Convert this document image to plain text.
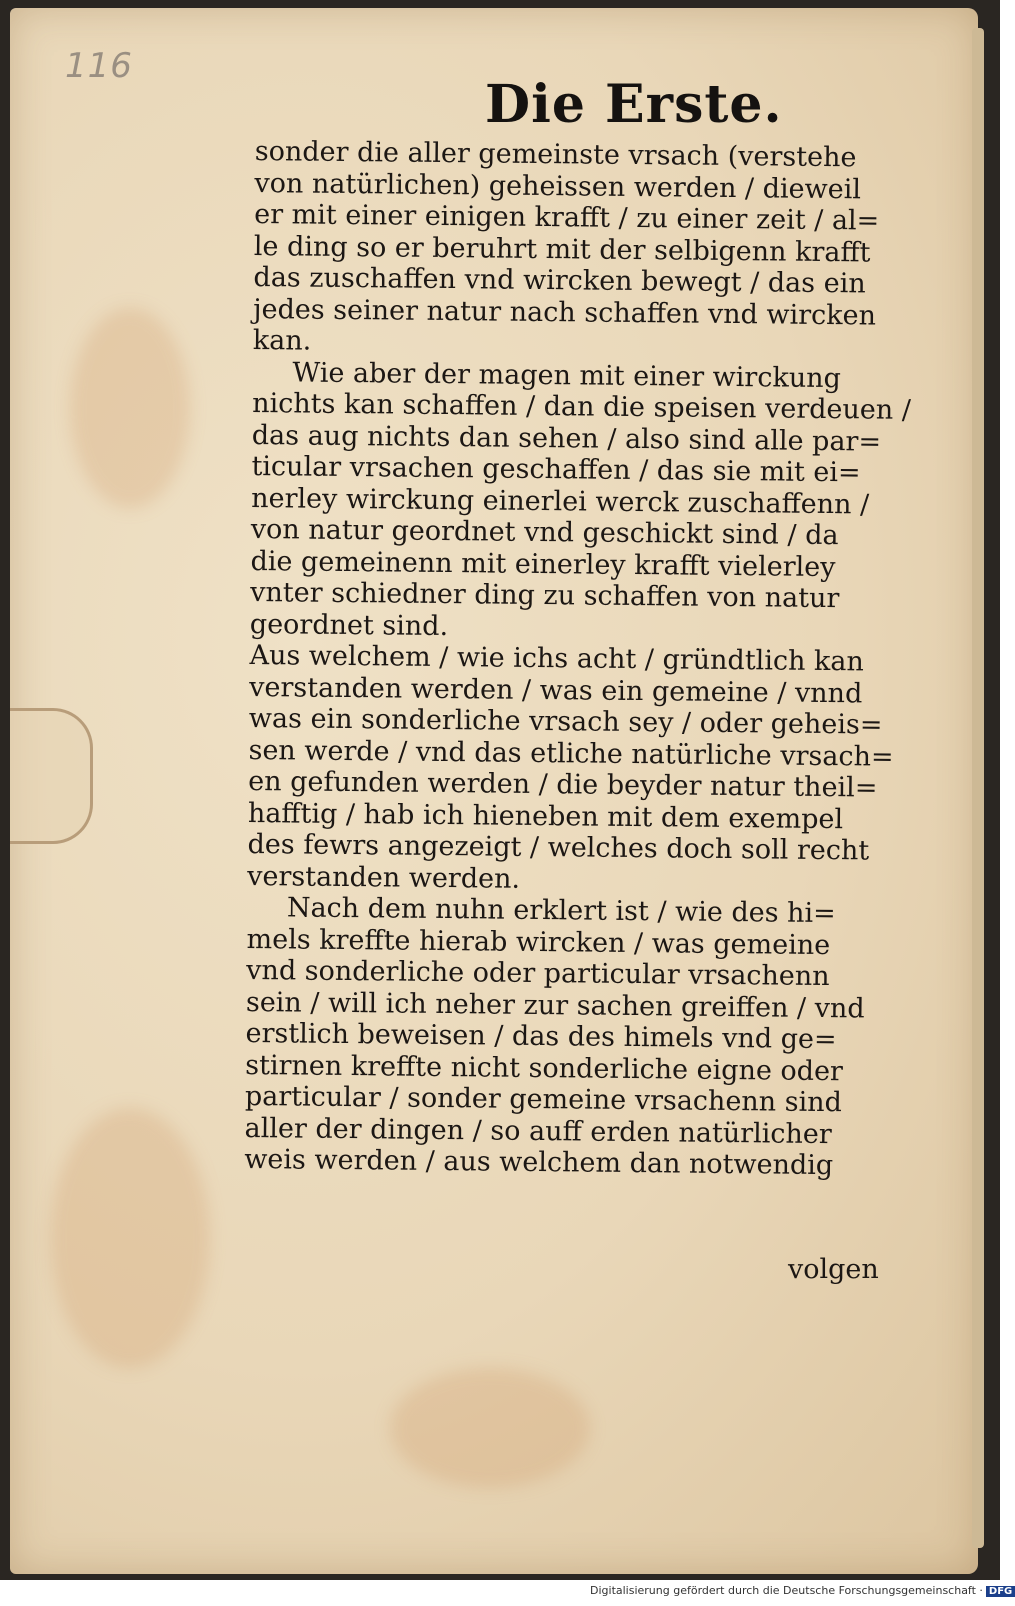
116
Die Erste.
sonder die aller gemeinste vrsach (verstehe
von natürlichen) geheissen werden / dieweil
er mit einer einigen krafft / zu einer zeit / al=
le ding so er beruhrt mit der selbigenn krafft
das zuschaffen vnd wircken bewegt / das ein
jedes seiner natur nach schaffen vnd wircken
kan.
Wie aber der magen mit einer wirckung
nichts kan schaffen / dan die speisen verdeuen /
das aug nichts dan sehen / also sind alle par=
ticular vrsachen geschaffen / das sie mit ei=
nerley wirckung einerlei werck zuschaffenn /
von natur geordnet vnd geschickt sind / da
die gemeinenn mit einerley krafft vielerley
vnter schiedner ding zu schaffen von natur
geordnet sind.
Aus welchem / wie ichs acht / gründtlich kan
verstanden werden / was ein gemeine / vnnd
was ein sonderliche vrsach sey / oder geheis=
sen werde / vnd das etliche natürliche vrsach=
en gefunden werden / die beyder natur theil=
hafftig / hab ich hieneben mit dem exempel
des fewrs angezeigt / welches doch soll recht
verstanden werden.
Nach dem nuhn erklert ist / wie des hi=
mels kreffte hierab wircken / was gemeine
vnd sonderliche oder particular vrsachenn
sein / will ich neher zur sachen greiffen / vnd
erstlich beweisen / das des himels vnd ge=
stirnen kreffte nicht sonderliche eigne oder
particular / sonder gemeine vrsachenn sind
aller der dingen / so auff erden natürlicher
weis werden / aus welchem dan notwendig
volgen
Digitalisierung gefördert durch die Deutsche Forschungsgemeinschaft · DFG
